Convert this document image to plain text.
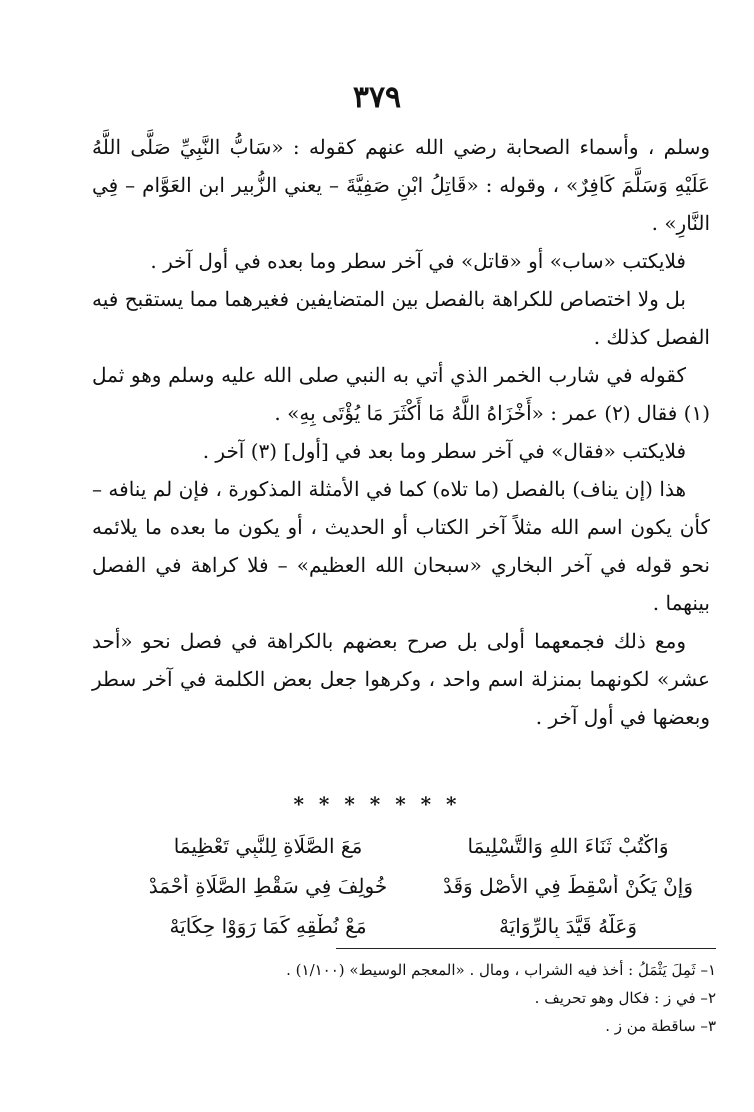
٣٧٩

وسلم ، وأسماء الصحابة رضي الله عنهم كقوله : «سَابُّ النَّبِيِّ صَلَّى اللَّهُ عَلَيْهِ وَسَلَّمَ كَافِرٌ» ، وقوله : «قَاتِلُ ابْنِ صَفِيَّةَ – يعني الزُّبير ابن العَوَّام – فِي النَّارِ» .

فلايكتب «ساب» أو «قاتل» في آخر سطر وما بعده في أول آخر .

بل ولا اختصاص للكراهة بالفصل بين المتضايفين فغيرهما مما يستقبح فيه الفصل كذلك .

كقوله في شارب الخمر الذي أتي به النبي صلى الله عليه وسلم وهو ثمل (١) فقال (٢) عمر : «أَخْزَاهُ اللَّهُ مَا أَكْثَرَ مَا يُؤْتَى بِهِ» .

فلايكتب «فقال» في آخر سطر وما بعد في [أول] (٣) آخر .

هذا (إن يناف) بالفصل (ما تلاه) كما في الأمثلة المذكورة ، فإن لم ينافه – كأن يكون اسم الله مثلاً آخر الكتاب أو الحديث ، أو يكون ما بعده ما يلائمه نحو قوله في آخر البخاري «سبحان الله العظيم» – فلا كراهة في الفصل بينهما .

ومع ذلك فجمعهما أولى بل صرح بعضهم بالكراهة في فصل نحو «أحد عشر» لكونهما بمنزلة اسم واحد ، وكرهوا جعل بعض الكلمة في آخر سطر وبعضها في أول آخر .

* * * * * * *
وَاكْتُبْ ثَنَاءَ اللهِ وَالتَّسْلِيمَا
مَعَ الصَّلَاةِ لِلنَّبِي تَعْظِيمَا
وَإِنْ يَكُنْ أُسْقِطَ فِي الأَصْلِ وَقَدْ
خُولِفَ فِي سَقْطِ الصَّلَاةِ أَحْمَدْ
وَعَلَّهُ قَيَّدَ بِالرِّوَايَهْ
مَعْ نُطْقِهِ كَمَا رَوَوْا حِكَايَهْ

١– ثَمِلَ يَثْمَلُ : أخذ فيه الشراب ، ومال . «المعجم الوسيط» (١/١٠٠) .

٢– في ز : فكال وهو تحريف .

٣– ساقطة من ز .
